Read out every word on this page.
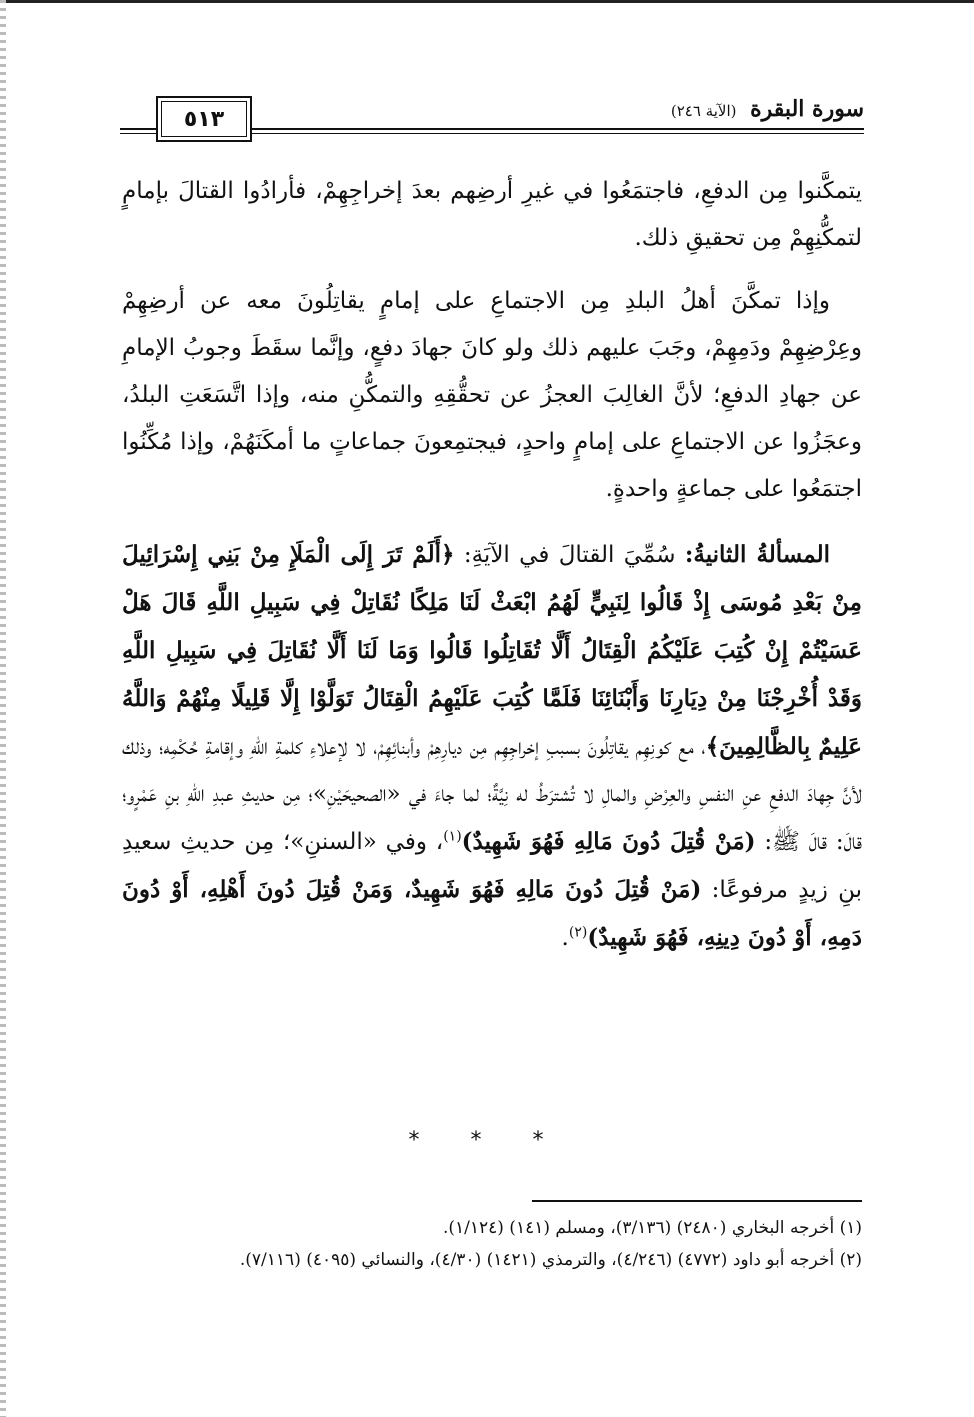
سورة البقرة (الآية ٢٤٦)
٥١٣

يتمكَّنوا مِن الدفعِ، فاجتمَعُوا في غيرِ أرضِهم بعدَ إخراجِهِمْ، فأرادُوا القتالَ بإمامٍ لتمكُّنِهِمْ مِن تحقيقِ ذلك.

وإذا تمكَّنَ أهلُ البلدِ مِن الاجتماعِ على إمامٍ يقاتِلُونَ معه عن أرضِهِمْ وعِرْضِهِمْ ودَمِهِمْ، وجَبَ عليهم ذلك ولو كانَ جهادَ دفعٍ، وإنَّما سقَطَ وجوبُ الإمامِ عن جهادِ الدفعِ؛ لأنَّ الغالِبَ العجزُ عن تحقُّقِهِ والتمكُّنِ منه، وإذا اتَّسَعَتِ البلدُ، وعجَزُوا عن الاجتماعِ على إمامٍ واحدٍ، فيجتمِعونَ جماعاتٍ ما أمكَنَهُمْ، وإذا مُكِّنُوا اجتمَعُوا على جماعةٍ واحدةٍ.

المسألةُ الثانيةُ: سُمِّيَ القتالَ في الآيَةِ: ﴿أَلَمْ تَرَ إِلَى الْمَلَإِ مِنْ بَنِي إِسْرَائِيلَ مِنْ بَعْدِ مُوسَى إِذْ قَالُوا لِنَبِيٍّ لَهُمُ ابْعَثْ لَنَا مَلِكًا نُقَاتِلْ فِي سَبِيلِ اللَّهِ قَالَ هَلْ عَسَيْتُمْ إِنْ كُتِبَ عَلَيْكُمُ الْقِتَالُ أَلَّا تُقَاتِلُوا قَالُوا وَمَا لَنَا أَلَّا نُقَاتِلَ فِي سَبِيلِ اللَّهِ وَقَدْ أُخْرِجْنَا مِنْ دِيَارِنَا وَأَبْنَائِنَا فَلَمَّا كُتِبَ عَلَيْهِمُ الْقِتَالُ تَوَلَّوْا إِلَّا قَلِيلًا مِنْهُمْ وَاللَّهُ عَلِيمٌ بِالظَّالِمِينَ﴾، مع كونِهِم يقاتِلُونَ بسببِ إخراجِهِم مِن ديارِهِمْ وأبنائِهِمْ، لا لإعلاءِ كلمةِ اللهِ وإقامةِ حُكْمِه؛ وذلك لأنَّ جِهادَ الدفعِ عنِ النفسِ والعِرْضِ والمالِ لا تُشترَطُ له نِيَّةٌ؛ لما جاءَ في «الصحيحَيْنِ»؛ مِن حديثِ عبدِ اللهِ بنِ عَمْرٍو؛ قالَ: قالَ ﷺ: (مَنْ قُتِلَ دُونَ مَالِهِ فَهُوَ شَهِيدٌ)$^{(١)}$، وفي «السننِ»؛ مِن حديثِ سعيدِ بنِ زيدٍ مرفوعًا: (مَنْ قُتِلَ دُونَ مَالِهِ فَهُوَ شَهِيدٌ، وَمَنْ قُتِلَ دُونَ أَهْلِهِ، أَوْ دُونَ دَمِهِ، أَوْ دُونَ دِينِهِ، فَهُوَ شَهِيدٌ)$^{(٢)}$.

* * *

(١) أخرجه البخاري (٢٤٨٠) (٣/١٣٦)، ومسلم (١٤١) (١/١٢٤).

(٢) أخرجه أبو داود (٤٧٧٢) (٤/٢٤٦)، والترمذي (١٤٢١) (٤/٣٠)، والنسائي (٤٠٩٥) (٧/١١٦).
